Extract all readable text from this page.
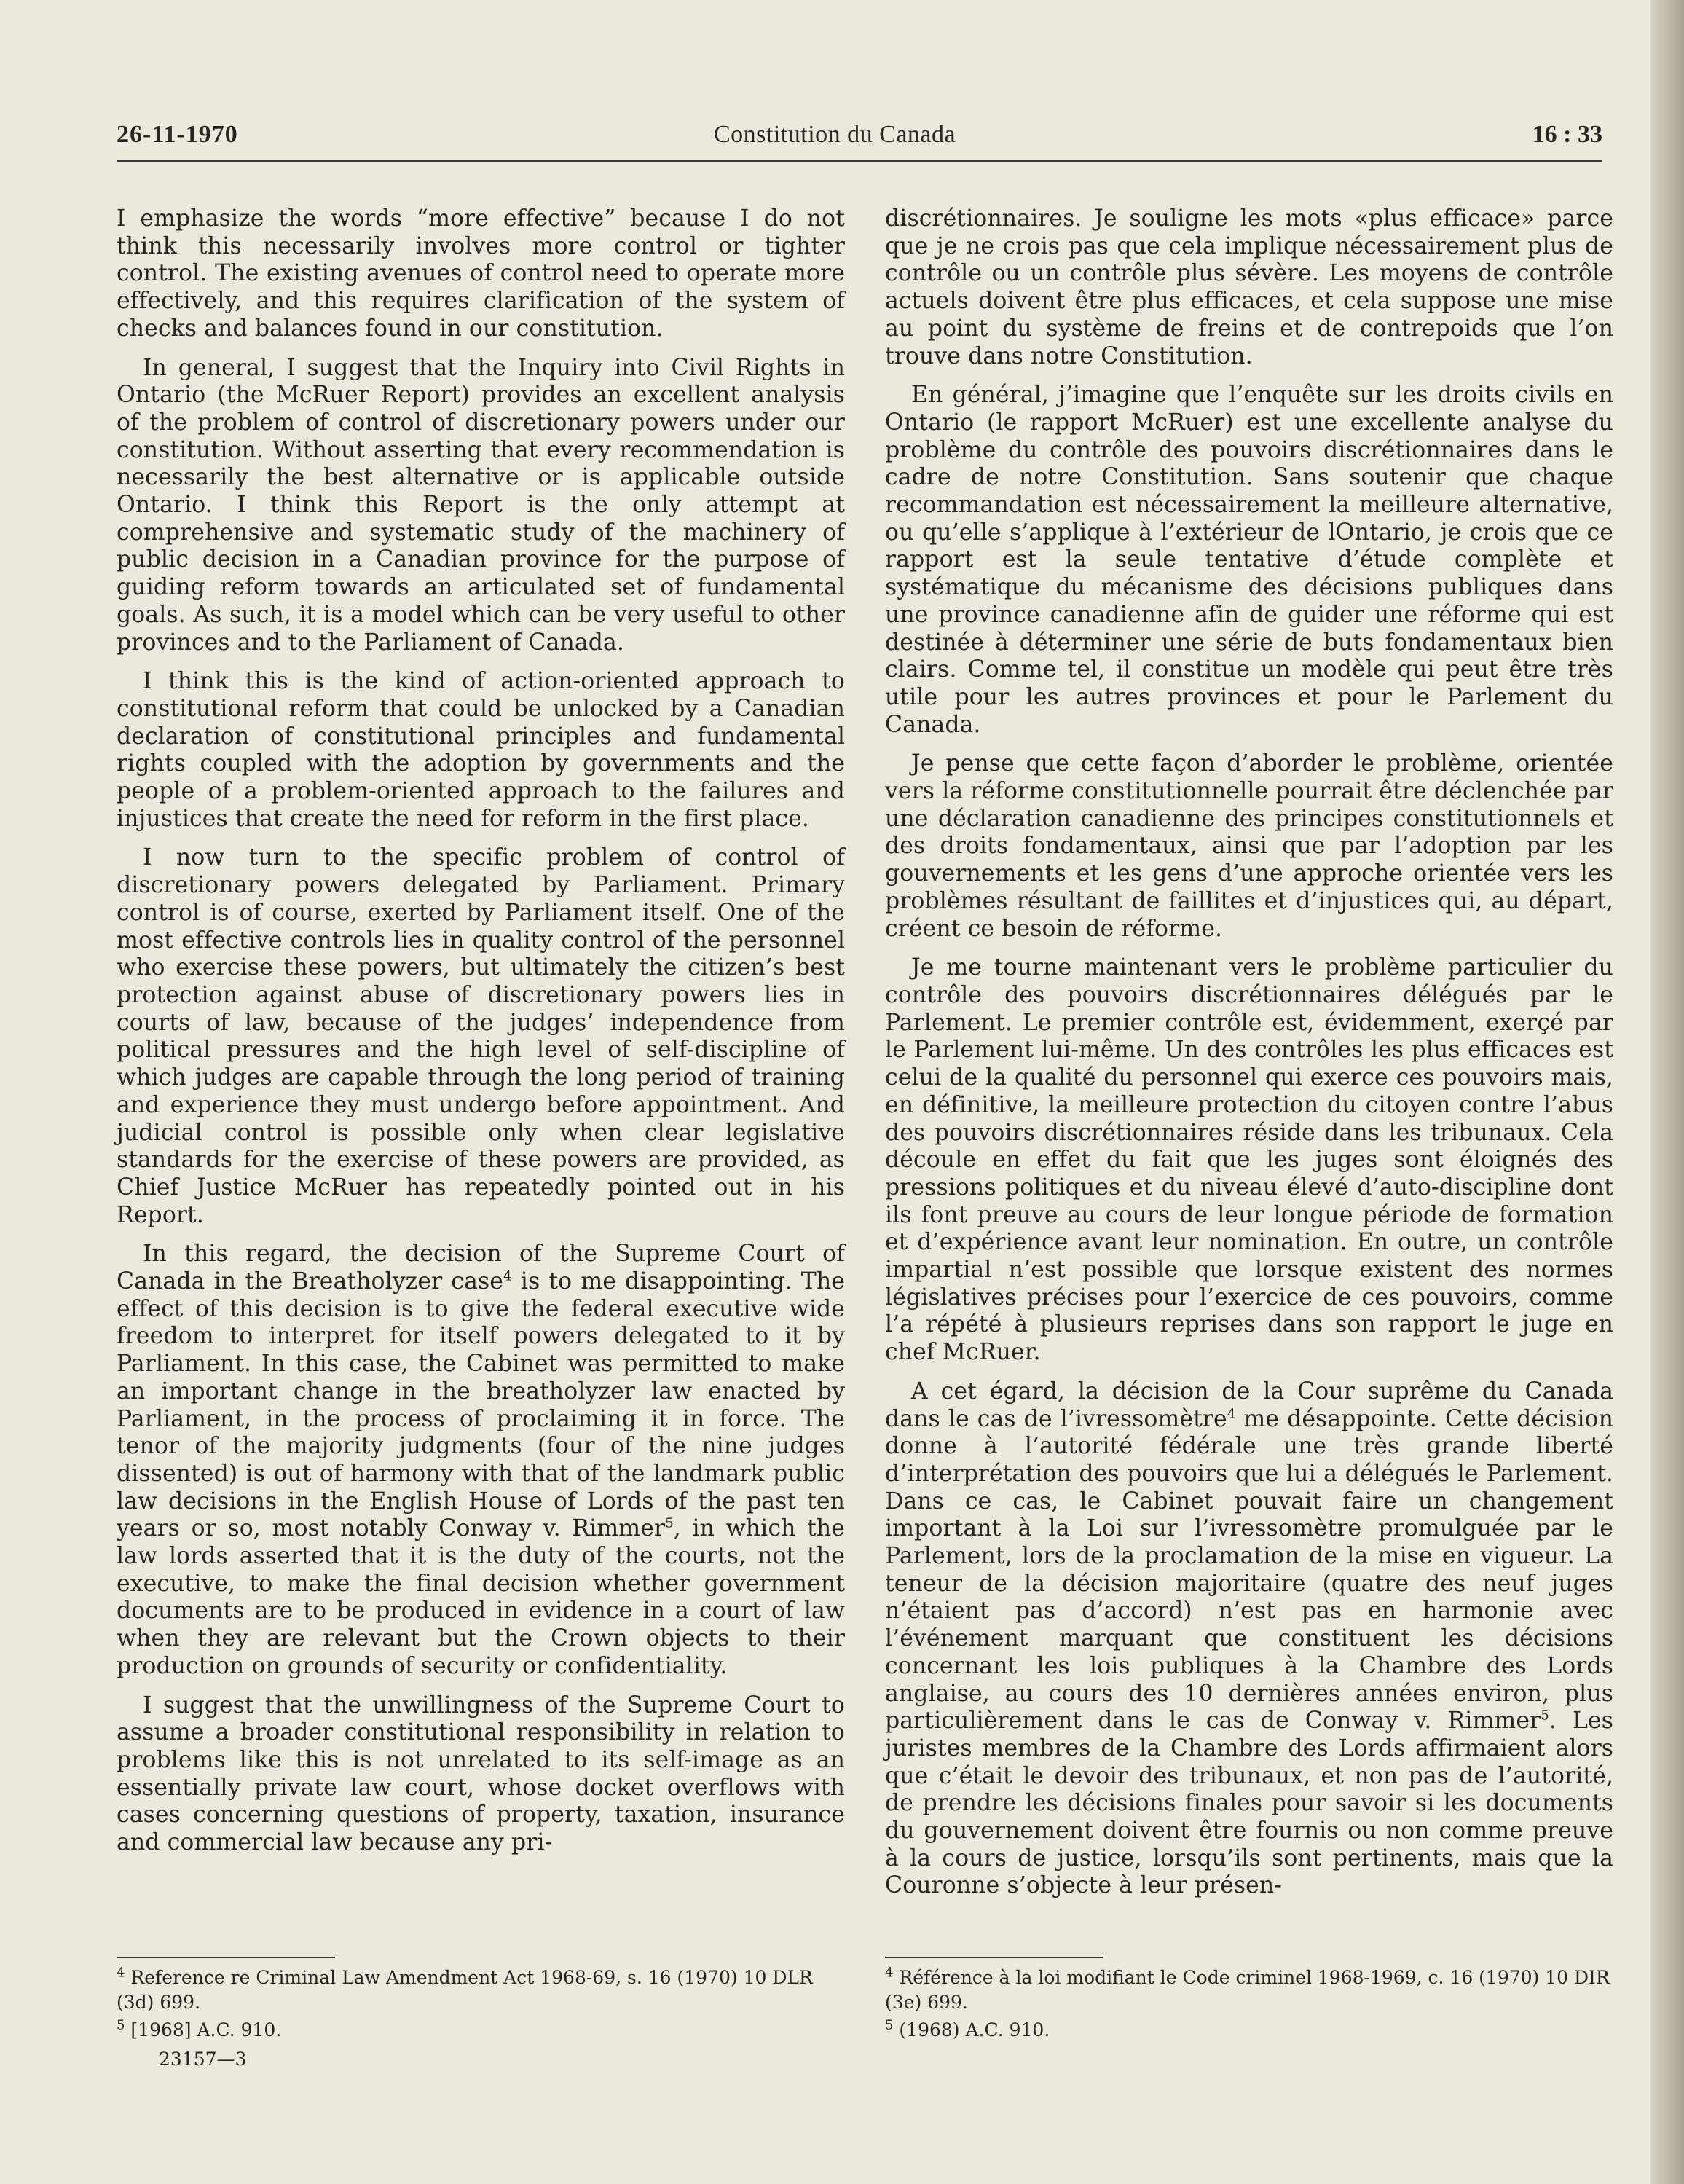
26-11-1970	Constitution du Canada	16 : 33

I emphasize the words “more effective” because I do not think this necessarily involves more control or tighter control. The existing avenues of control need to operate more effectively, and this requires clarification of the system of checks and balances found in our constitution.

In general, I suggest that the Inquiry into Civil Rights in Ontario (the McRuer Report) provides an excellent analysis of the problem of control of discretionary powers under our constitution. Without asserting that every recommendation is necessarily the best alternative or is applicable outside Ontario. I think this Report is the only attempt at comprehensive and systematic study of the machinery of public decision in a Canadian province for the purpose of guiding reform towards an articulated set of fundamental goals. As such, it is a model which can be very useful to other provinces and to the Parliament of Canada.

I think this is the kind of action-oriented approach to constitutional reform that could be unlocked by a Canadian declaration of constitutional principles and fundamental rights coupled with the adoption by governments and the people of a problem-oriented approach to the failures and injustices that create the need for reform in the first place.

I now turn to the specific problem of control of discretionary powers delegated by Parliament. Primary control is of course, exerted by Parliament itself. One of the most effective controls lies in quality control of the personnel who exercise these powers, but ultimately the citizen’s best protection against abuse of discretionary powers lies in courts of law, because of the judges’ independence from political pressures and the high level of self-discipline of which judges are capable through the long period of training and experience they must undergo before appointment. And judicial control is possible only when clear legislative standards for the exercise of these powers are provided, as Chief Justice McRuer has repeatedly pointed out in his Report.

In this regard, the decision of the Supreme Court of Canada in the Breatholyzer case$^4$ is to me disappointing. The effect of this decision is to give the federal executive wide freedom to interpret for itself powers delegated to it by Parliament. In this case, the Cabinet was permitted to make an important change in the breatholyzer law enacted by Parliament, in the process of proclaiming it in force. The tenor of the majority judgments (four of the nine judges dissented) is out of harmony with that of the landmark public law decisions in the English House of Lords of the past ten years or so, most notably Conway v. Rimmer$^5$, in which the law lords asserted that it is the duty of the courts, not the executive, to make the final decision whether government documents are to be produced in evidence in a court of law when they are relevant but the Crown objects to their production on grounds of security or confidentiality.

I suggest that the unwillingness of the Supreme Court to assume a broader constitutional responsibility in relation to problems like this is not unrelated to its self-image as an essentially private law court, whose docket overflows with cases concerning questions of property, taxation, insurance and commercial law because any pri-

$^4$ Reference re Criminal Law Amendment Act 1968-69, s. 16 (1970) 10 DLR (3d) 699.
$^5$ [1968] A.C. 910.
23157—3

discrétionnaires. Je souligne les mots «plus efficace» parce que je ne crois pas que cela implique nécessairement plus de contrôle ou un contrôle plus sévère. Les moyens de contrôle actuels doivent être plus efficaces, et cela suppose une mise au point du système de freins et de contrepoids que l’on trouve dans notre Constitution.

En général, j’imagine que l’enquête sur les droits civils en Ontario (le rapport McRuer) est une excellente analyse du problème du contrôle des pouvoirs discrétionnaires dans le cadre de notre Constitution. Sans soutenir que chaque recommandation est nécessairement la meilleure alternative, ou qu’elle s’applique à l’extérieur de lOntario, je crois que ce rapport est la seule tentative d’étude complète et systématique du mécanisme des décisions publiques dans une province canadienne afin de guider une réforme qui est destinée à déterminer une série de buts fondamentaux bien clairs. Comme tel, il constitue un modèle qui peut être très utile pour les autres provinces et pour le Parlement du Canada.

Je pense que cette façon d’aborder le problème, orientée vers la réforme constitutionnelle pourrait être déclenchée par une déclaration canadienne des principes constitutionnels et des droits fondamentaux, ainsi que par l’adoption par les gouvernements et les gens d’une approche orientée vers les problèmes résultant de faillites et d’injustices qui, au départ, créent ce besoin de réforme.

Je me tourne maintenant vers le problème particulier du contrôle des pouvoirs discrétionnaires délégués par le Parlement. Le premier contrôle est, évidemment, exerçé par le Parlement lui-même. Un des contrôles les plus efficaces est celui de la qualité du personnel qui exerce ces pouvoirs mais, en définitive, la meilleure protection du citoyen contre l’abus des pouvoirs discrétionnaires réside dans les tribunaux. Cela découle en effet du fait que les juges sont éloignés des pressions politiques et du niveau élevé d’auto-discipline dont ils font preuve au cours de leur longue période de formation et d’expérience avant leur nomination. En outre, un contrôle impartial n’est possible que lorsque existent des normes législatives précises pour l’exercice de ces pouvoirs, comme l’a répété à plusieurs reprises dans son rapport le juge en chef McRuer.

A cet égard, la décision de la Cour suprême du Canada dans le cas de l’ivressomètre$^4$ me désappointe. Cette décision donne à l’autorité fédérale une très grande liberté d’interprétation des pouvoirs que lui a délégués le Parlement. Dans ce cas, le Cabinet pouvait faire un changement important à la Loi sur l’ivressomètre promulguée par le Parlement, lors de la proclamation de la mise en vigueur. La teneur de la décision majoritaire (quatre des neuf juges n’étaient pas d’accord) n’est pas en harmonie avec l’événement marquant que constituent les décisions concernant les lois publiques à la Chambre des Lords anglaise, au cours des 10 dernières années environ, plus particulièrement dans le cas de Conway v. Rimmer$^5$. Les juristes membres de la Chambre des Lords affirmaient alors que c’était le devoir des tribunaux, et non pas de l’autorité, de prendre les décisions finales pour savoir si les documents du gouvernement doivent être fournis ou non comme preuve à la cours de justice, lorsqu’ils sont pertinents, mais que la Couronne s’objecte à leur présen-

$^4$ Référence à la loi modifiant le Code criminel 1968-1969, c. 16 (1970) 10 DIR (3e) 699.
$^5$ (1968) A.C. 910.
